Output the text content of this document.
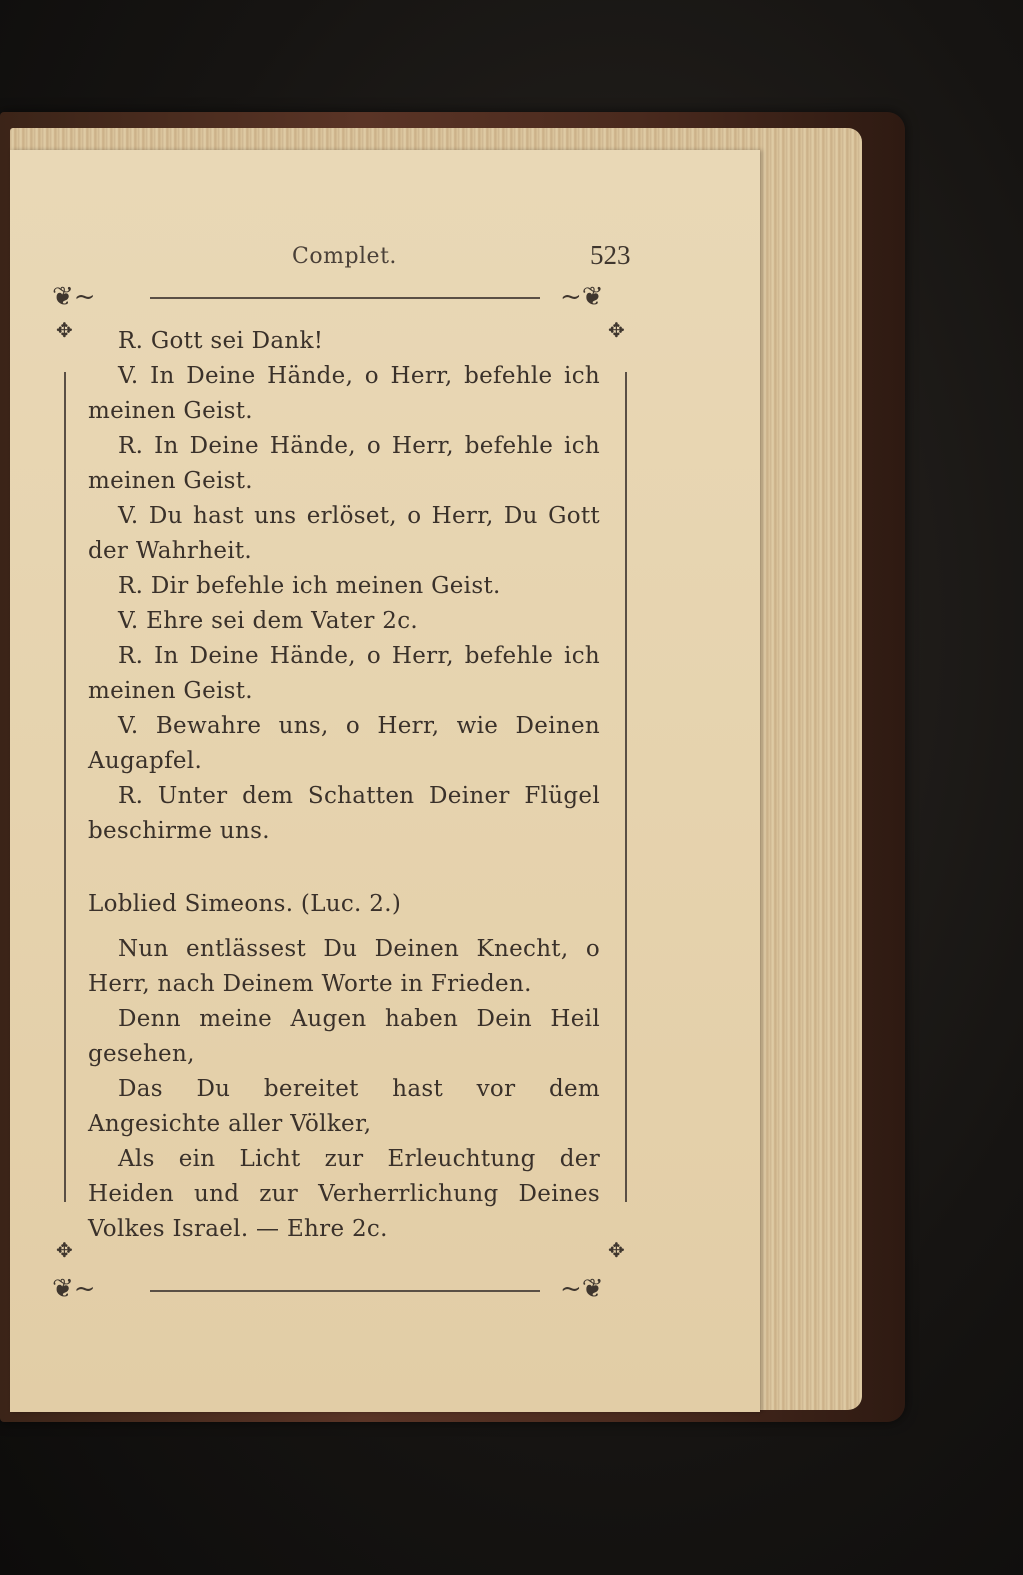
Complet.	523
❦~
✥
~❦
✥
❦~
✥
~❦
✥

R. Gott sei Dank!

V. In Deine Hände, o Herr, befehle ich meinen Geist.

R. In Deine Hände, o Herr, befehle ich meinen Geist.

V. Du hast uns erlöset, o Herr, Du Gott der Wahrheit.

R. Dir befehle ich meinen Geist.

V. Ehre sei dem Vater 2c.

R. In Deine Hände, o Herr, befehle ich meinen Geist.

V. Bewahre uns, o Herr, wie Deinen Augapfel.

R. Unter dem Schatten Deiner Flügel beschirme uns.

Loblied Simeons. (Luc. 2.)

Nun entlässest Du Deinen Knecht, o Herr, nach Deinem Worte in Frieden.

Denn meine Augen haben Dein Heil gesehen,

Das Du bereitet hast vor dem Angesichte aller Völker,

Als ein Licht zur Erleuchtung der Heiden und zur Verherrlichung Deines Volkes Israel. — Ehre 2c.
